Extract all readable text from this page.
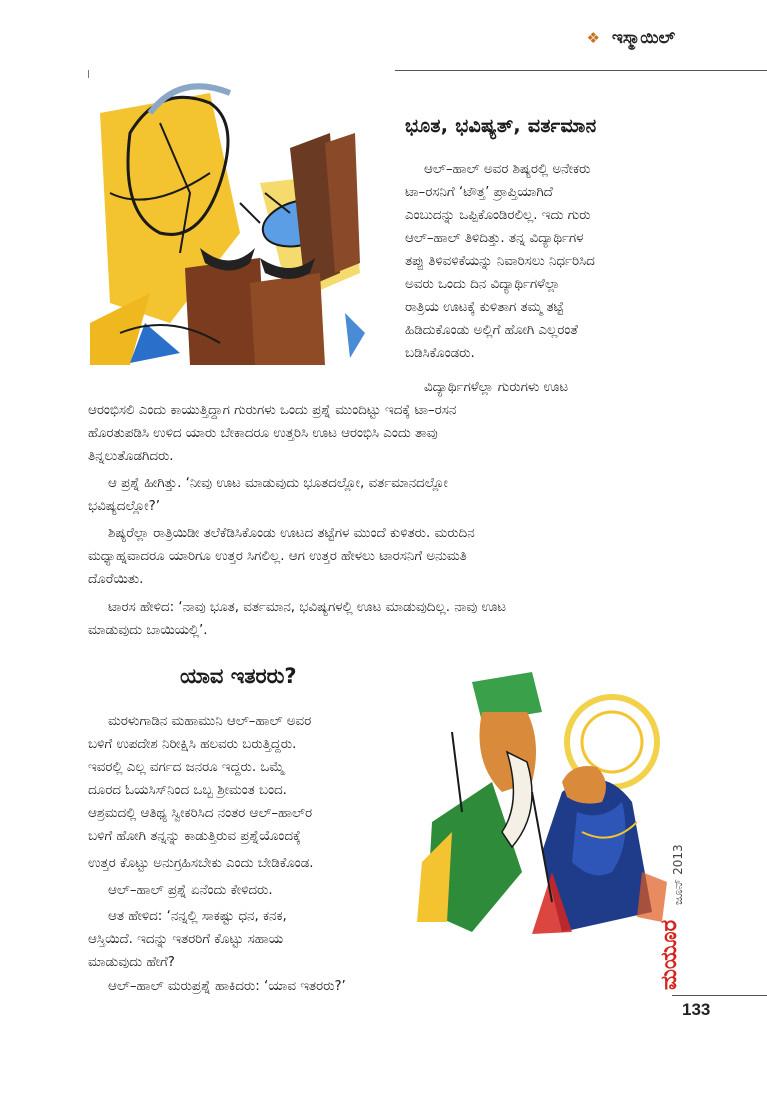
❖ ಇಸ್ಮಾಯಿಲ್
ಭೂತ, ಭವಿಷ್ಯತ್, ವರ್ತಮಾನ
ಆಲ್–ಹಾಲ್ ಅವರ ಶಿಷ್ಯರಲ್ಲಿ ಅನೇಕರು
ಟಾ–ರಸನಿಗೆ ‘ಟೌತ್ತ’ ಪ್ರಾಪ್ತಿಯಾಗಿದೆ
ಎಂಬುದನ್ನು ಒಪ್ಪಿಕೊಂಡಿರಲಿಲ್ಲ. ಇದು ಗುರು
ಆಲ್–ಹಾಲ್ ತಿಳಿದಿತ್ತು. ತನ್ನ ವಿದ್ಯಾರ್ಥಿಗಳ
ತಪ್ಪು ತಿಳಿವಳಿಕೆಯನ್ನು ನಿವಾರಿಸಲು ನಿರ್ಧರಿಸಿದ
ಅವರು ಒಂದು ದಿನ ವಿದ್ಯಾರ್ಥಿಗಳೆಲ್ಲಾ
ರಾತ್ರಿಯ ಊಟಕ್ಕೆ ಕುಳಿತಾಗ ತಮ್ಮ ತಟ್ಟೆ
ಹಿಡಿದುಕೊಂಡು ಅಲ್ಲಿಗೆ ಹೋಗಿ ಎಲ್ಲರಂತೆ
ಬಡಿಸಿಕೊಂಡರು.
ವಿದ್ಯಾರ್ಥಿಗಳೆಲ್ಲಾ ಗುರುಗಳು ಊಟ
ಆರಂಭಿಸಲಿ ಎಂದು ಕಾಯುತ್ತಿದ್ದಾಗ ಗುರುಗಳು ಒಂದು ಪ್ರಶ್ನೆ ಮುಂದಿಟ್ಟು ಇದಕ್ಕೆ ಟಾ–ರಸನ
ಹೊರತುಪಡಿಸಿ ಉಳಿದ ಯಾರು ಬೇಕಾದರೂ ಉತ್ತರಿಸಿ ಊಟ ಆರಂಭಿಸಿ ಎಂದು ತಾವು
ತಿನ್ನಲುತೊಡಗಿದರು.
ಆ ಪ್ರಶ್ನೆ ಹೀಗಿತ್ತು. ‘ನೀವು ಊಟ ಮಾಡುವುದು ಭೂತದಲ್ಲೋ, ವರ್ತಮಾನದಲ್ಲೋ
ಭವಿಷ್ಯದಲ್ಲೋ?’
ಶಿಷ್ಯರೆಲ್ಲಾ ರಾತ್ರಿಯಿಡೀ ತಲೆಕೆಡಿಸಿಕೊಂಡು ಊಟದ ತಟ್ಟೆಗಳ ಮುಂದೆ ಕುಳಿತರು. ಮರುದಿನ
ಮಧ್ಯಾಹ್ನವಾದರೂ ಯಾರಿಗೂ ಉತ್ತರ ಸಿಗಲಿಲ್ಲ. ಆಗ ಉತ್ತರ ಹೇಳಲು ಟಾರಸನಿಗೆ ಅನುಮತಿ
ದೊರೆಯಿತು.
ಟಾರಸ ಹೇಳಿದ: ‘ನಾವು ಭೂತ, ವರ್ತಮಾನ, ಭವಿಷ್ಯಗಳಲ್ಲಿ ಊಟ ಮಾಡುವುದಿಲ್ಲ. ನಾವು ಊಟ
ಮಾಡುವುದು ಬಾಯಿಯಲ್ಲಿ’.
ಯಾವ ಇತರರು?
ಮರಳುಗಾಡಿನ ಮಹಾಮುನಿ ಆಲ್–ಹಾಲ್ ಅವರ
ಬಳಿಗೆ ಉಪದೇಶ ನಿರೀಕ್ಷಿಸಿ ಹಲವರು ಬರುತ್ತಿದ್ದರು.
ಇವರಲ್ಲಿ ಎಲ್ಲ ವರ್ಗದ ಜನರೂ ಇದ್ದರು. ಒಮ್ಮೆ
ದೂರದ ಓಯಸಿಸ್‌ನಿಂದ ಒಬ್ಬ ಶ್ರೀಮಂತ ಬಂದ.
ಆಶ್ರಮದಲ್ಲಿ ಆತಿಥ್ಯ ಸ್ವೀಕರಿಸಿದ ನಂತರ ಆಲ್–ಹಾಲ್‌ರ
ಬಳಿಗೆ ಹೋಗಿ ತನ್ನನ್ನು ಕಾಡುತ್ತಿರುವ ಪ್ರಶ್ನೆಯೊಂದಕ್ಕೆ
ಉತ್ತರ ಕೊಟ್ಟು ಅನುಗ್ರಹಿಸಬೇಕು ಎಂದು ಬೇಡಿಕೊಂಡ.
ಆಲ್–ಹಾಲ್ ಪ್ರಶ್ನೆ ಏನೆಂದು ಕೇಳಿದರು.
ಆತ ಹೇಳಿದ: ‘ನನ್ನಲ್ಲಿ ಸಾಕಷ್ಟು ಧನ, ಕನಕ,
ಆಸ್ತಿಯಿದೆ. ಇದನ್ನು ಇತರರಿಗೆ ಕೊಟ್ಟು ಸಹಾಯ
ಮಾಡುವುದು ಹೇಗೆ?
ಆಲ್–ಹಾಲ್ ಮರುಪ್ರಶ್ನೆ ಹಾಕಿದರು: ‘ಯಾವ ಇತರರು?’
ಜೂನ್ 2013
ಮಯೂರ
133
